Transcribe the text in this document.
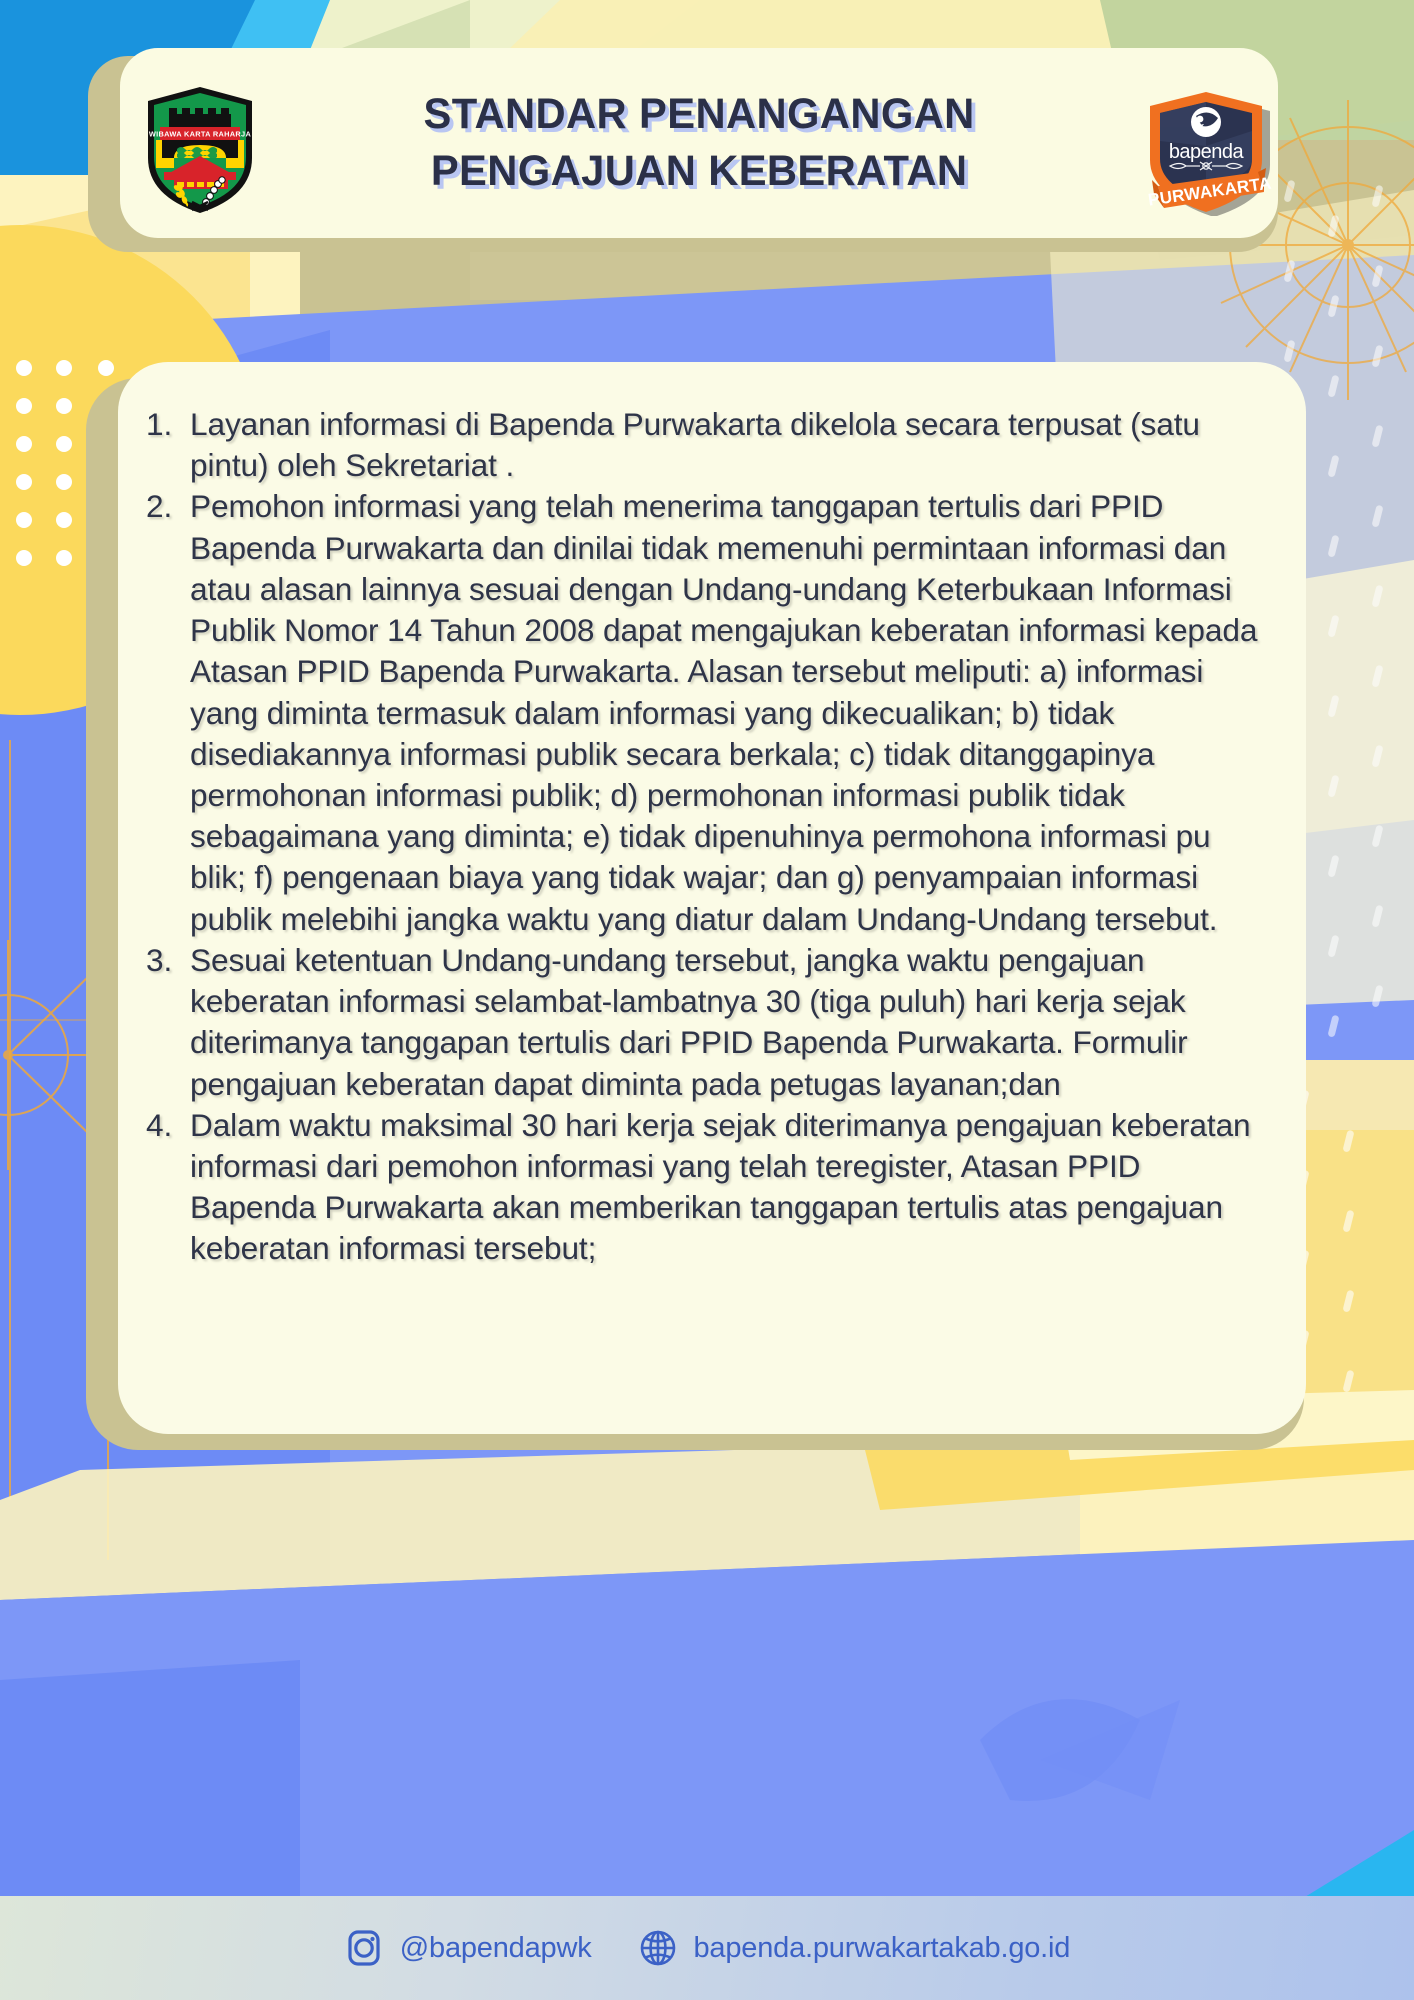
STANDAR PENANGANGAN
PENGAJUAN KEBERATAN
WIBAWA KARTA RAHARJA
bapenda
PURWAKARTA
Layanan informasi di Bapenda Purwakarta dikelola secara terpusat (satu pintu) oleh Sekretariat .
Pemohon informasi yang telah menerima tanggapan tertulis dari PPID Bapenda Purwakarta dan dinilai tidak memenuhi permintaan informasi dan atau alasan lainnya sesuai dengan Undang-undang Keterbukaan Informasi Publik Nomor 14 Tahun 2008 dapat mengajukan keberatan informasi kepada Atasan PPID Bapenda Purwakarta. Alasan tersebut meliputi: a) informasi yang diminta termasuk dalam informasi yang dikecualikan; b) tidak disediakannya informasi publik secara berkala; c) tidak ditanggapinya permohonan informasi publik; d) permohonan informasi publik tidak sebagaimana yang diminta; e) tidak dipenuhinya permohona informasi pu blik; f) pengenaan biaya yang tidak wajar; dan g) penyampaian informasi publik melebihi jangka waktu yang diatur dalam Undang-Undang tersebut.
Sesuai ketentuan Undang-undang tersebut, jangka waktu pengajuan keberatan informasi selambat-lambatnya 30 (tiga puluh) hari kerja sejak diterimanya tanggapan tertulis dari PPID Bapenda Purwakarta. Formulir pengajuan keberatan dapat diminta pada petugas layanan;dan
Dalam waktu maksimal 30 hari kerja sejak diterimanya pengajuan keberatan informasi dari pemohon informasi yang telah teregister, Atasan PPID Bapenda Purwakarta akan memberikan tanggapan tertulis atas pengajuan keberatan informasi tersebut;
@bapendapwk	bapenda.purwakartakab.go.id
